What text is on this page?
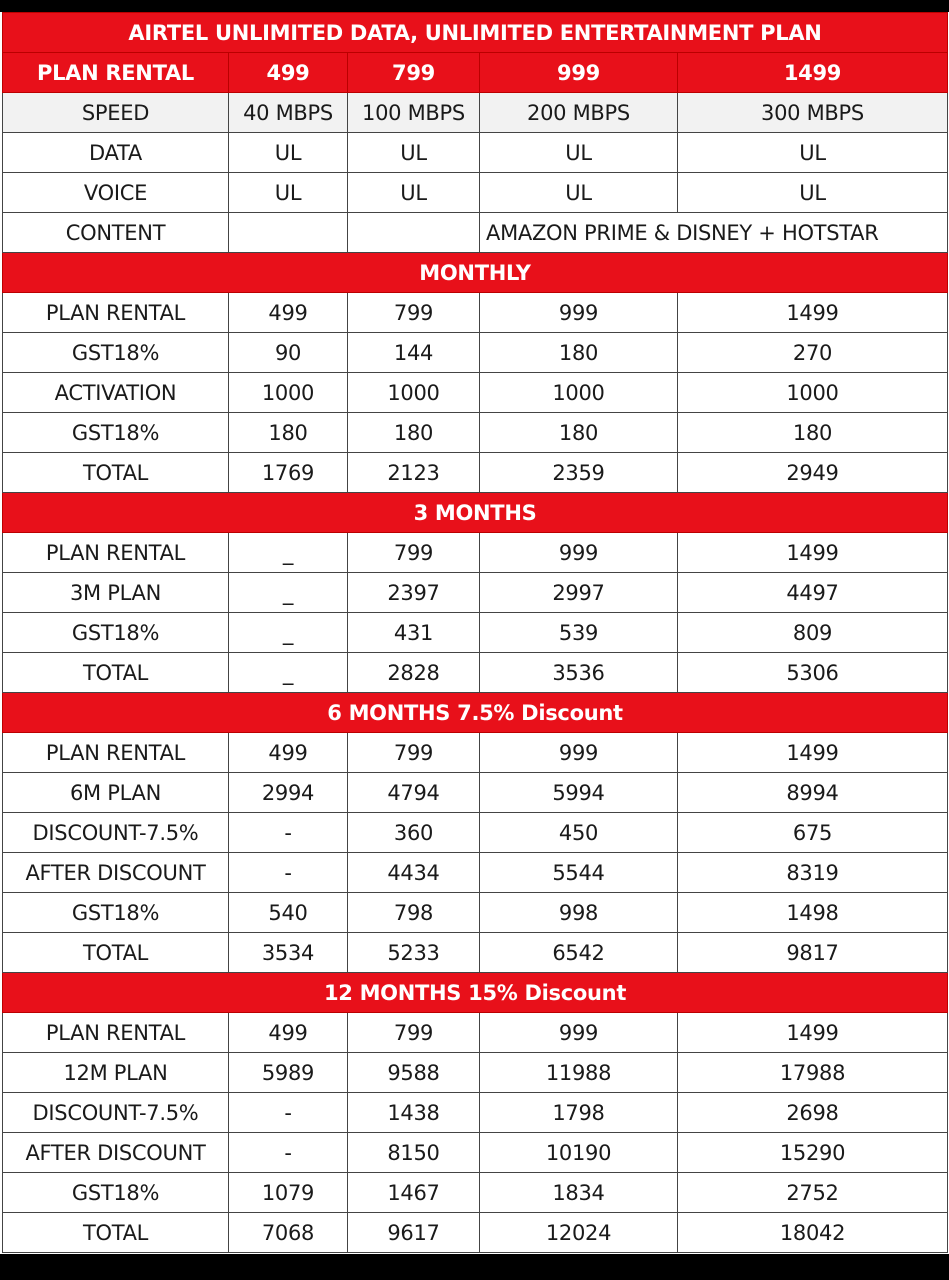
AIRTEL UNLIMITED DATA, UNLIMITED ENTERTAINMENT PLAN				
PLAN RENTAL	499	799	999	1499
SPEED	40 MBPS	100 MBPS	200 MBPS	300 MBPS
DATA	UL	UL	UL	UL
VOICE	UL	UL	UL	UL
CONTENT			AMAZON PRIME & DISNEY + HOTSTAR	
MONTHLY				
PLAN RENTAL	499	799	999	1499
GST18%	90	144	180	270
ACTIVATION	1000	1000	1000	1000
GST18%	180	180	180	180
TOTAL	1769	2123	2359	2949
3 MONTHS				
PLAN RENTAL	_	799	999	1499
3M PLAN	_	2397	2997	4497
GST18%	_	431	539	809
TOTAL	_	2828	3536	5306
6 MONTHS 7.5% Discount				
PLAN RENTAL	499	799	999	1499
6M PLAN	2994	4794	5994	8994
DISCOUNT-7.5%	-	360	450	675
AFTER DISCOUNT	-	4434	5544	8319
GST18%	540	798	998	1498
TOTAL	3534	5233	6542	9817
12 MONTHS 15% Discount				
PLAN RENTAL	499	799	999	1499
12M PLAN	5989	9588	11988	17988
DISCOUNT-7.5%	-	1438	1798	2698
AFTER DISCOUNT	-	8150	10190	15290
GST18%	1079	1467	1834	2752
TOTAL	7068	9617	12024	18042
